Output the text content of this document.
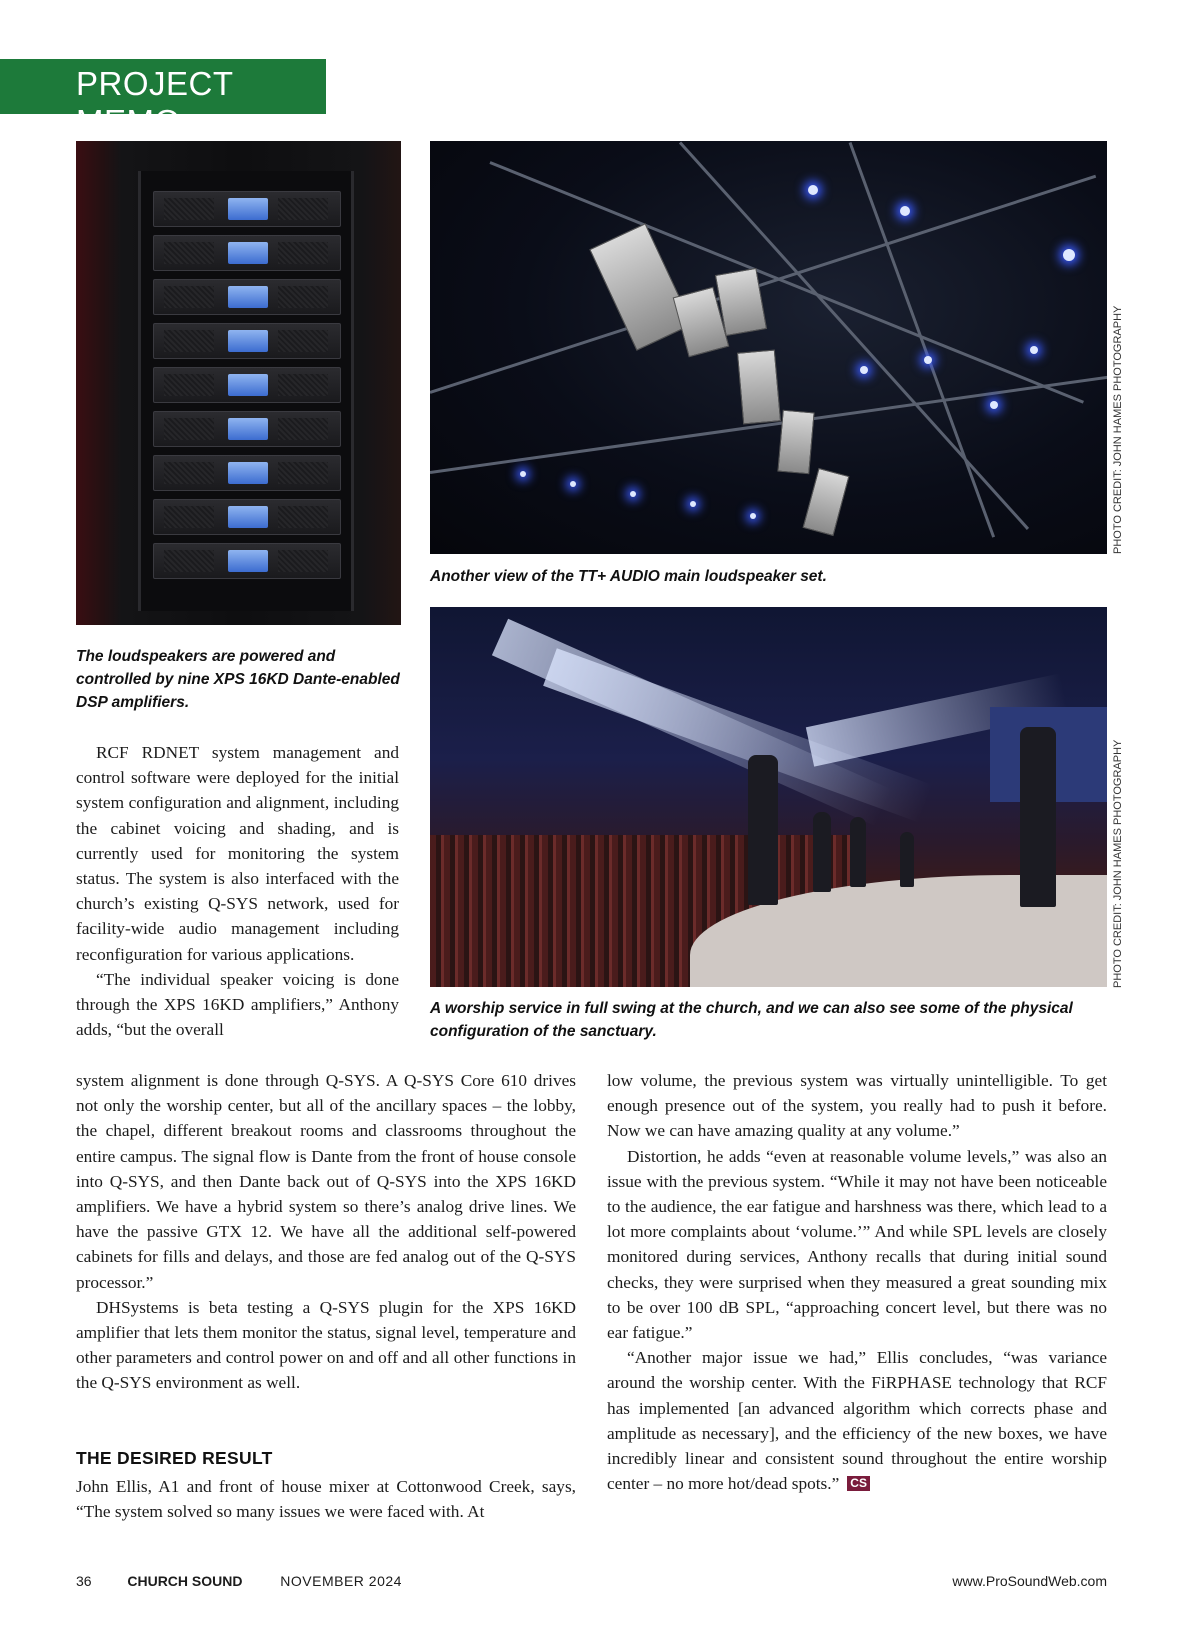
PROJECT MEMO
The loudspeakers are powered and controlled by nine XPS 16KD Dante-enabled DSP amplifiers.
PHOTO CREDIT: JOHN HAMES PHOTOGRAPHY
Another view of the TT+ AUDIO main loudspeaker set.
PHOTO CREDIT: JOHN HAMES PHOTOGRAPHY
A worship service in full swing at the church, and we can also see some of the physical configuration of the sanctuary.

RCF RDNET system management and control software were deployed for the initial system configuration and alignment, including the cabinet voicing and shading, and is currently used for monitoring the system status. The system is also interfaced with the church’s existing Q-SYS network, used for facility-wide audio management including reconfiguration for various applications.

“The individual speaker voicing is done through the XPS 16KD amplifiers,” Anthony adds, “but the overall

system alignment is done through Q-SYS. A Q-SYS Core 610 drives not only the worship center, but all of the ancillary spaces – the lobby, the chapel, different breakout rooms and classrooms throughout the entire campus. The signal flow is Dante from the front of house console into Q-SYS, and then Dante back out of Q-SYS into the XPS 16KD amplifiers. We have a hybrid system so there’s analog drive lines. We have the passive GTX 12. We have all the additional self-powered cabinets for fills and delays, and those are fed analog out of the Q-SYS processor.”

DHSystems is beta testing a Q-SYS plugin for the XPS 16KD amplifier that lets them monitor the status, signal level, temperature and other parameters and control power on and off and all other functions in the Q-SYS environment as well.

THE DESIRED RESULT

John Ellis, A1 and front of house mixer at Cottonwood Creek, says, “The system solved so many issues we were faced with. At

low volume, the previous system was virtually unintelligible. To get enough presence out of the system, you really had to push it before. Now we can have amazing quality at any volume.”

Distortion, he adds “even at reasonable volume levels,” was also an issue with the previous system. “While it may not have been noticeable to the audience, the ear fatigue and harshness was there, which lead to a lot more complaints about ‘volume.’” And while SPL levels are closely monitored during services, Anthony recalls that during initial sound checks, they were surprised when they measured a great sounding mix to be over 100 dB SPL, “approaching concert level, but there was no ear fatigue.”

“Another major issue we had,” Ellis concludes, “was variance around the worship center. With the FiRPHASE technology that RCF has implemented [an advanced algorithm which corrects phase and amplitude as necessary], and the efficiency of the new boxes, we have incredibly linear and consistent sound throughout the entire worship center – no more hot/dead spots.” CS

36	CHURCH SOUND	NOVEMBER 2024	www.ProSoundWeb.com
